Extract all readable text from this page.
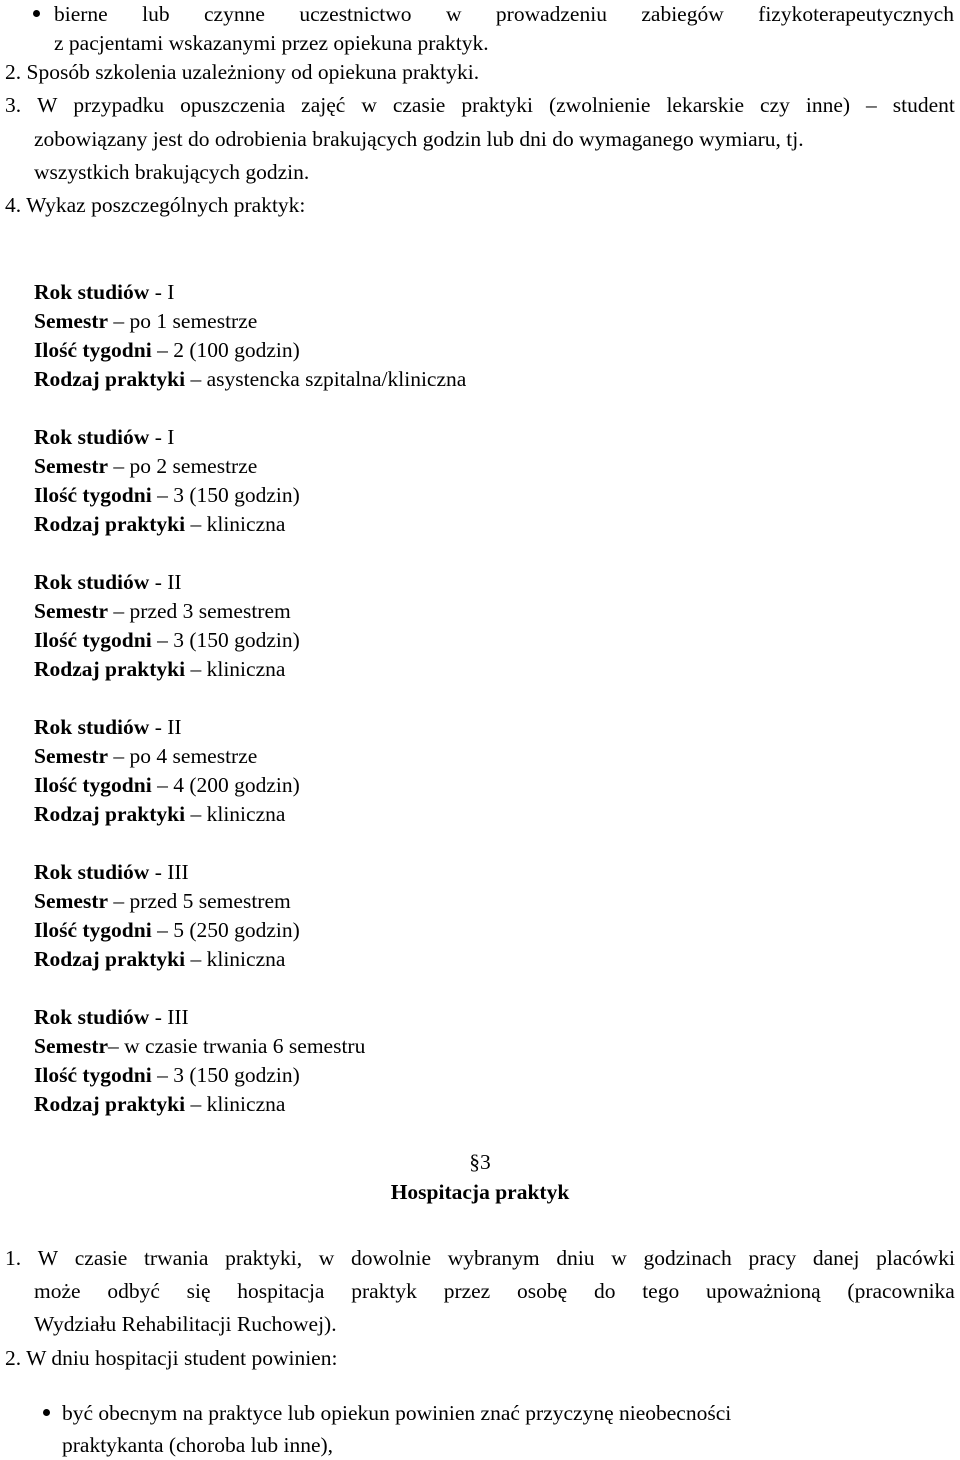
bierne lub czynne uczestnictwo w prowadzeniu zabiegów fizykoterapeutycznych
z pacjentami wskazanymi przez opiekuna praktyk.
2. Sposób szkolenia uzależniony od opiekuna praktyki.
3. W przypadku opuszczenia zajęć w czasie praktyki (zwolnienie lekarskie czy inne) – student
zobowiązany jest do odrobienia brakujących godzin lub dni do wymaganego wymiaru, tj.
wszystkich brakujących godzin.
4. Wykaz poszczególnych praktyk:
Rok studiów - I
Semestr – po 1 semestrze
Ilość tygodni – 2 (100 godzin)
Rodzaj praktyki – asystencka szpitalna/kliniczna
Rok studiów - I
Semestr – po 2 semestrze
Ilość tygodni – 3 (150 godzin)
Rodzaj praktyki – kliniczna
Rok studiów - II
Semestr – przed 3 semestrem
Ilość tygodni – 3 (150 godzin)
Rodzaj praktyki – kliniczna
Rok studiów - II
Semestr – po 4 semestrze
Ilość tygodni – 4 (200 godzin)
Rodzaj praktyki – kliniczna
Rok studiów - III
Semestr – przed 5 semestrem
Ilość tygodni – 5 (250 godzin)
Rodzaj praktyki – kliniczna
Rok studiów - III
Semestr– w czasie trwania 6 semestru
Ilość tygodni – 3 (150 godzin)
Rodzaj praktyki – kliniczna
§3
Hospitacja praktyk
1. W czasie trwania praktyki, w dowolnie wybranym dniu w godzinach pracy danej placówki
może odbyć się hospitacja praktyk przez osobę do tego upoważnioną (pracownika
Wydziału Rehabilitacji Ruchowej).
2. W dniu hospitacji student powinien:
być obecnym na praktyce lub opiekun powinien znać przyczynę nieobecności
praktykanta (choroba lub inne),
